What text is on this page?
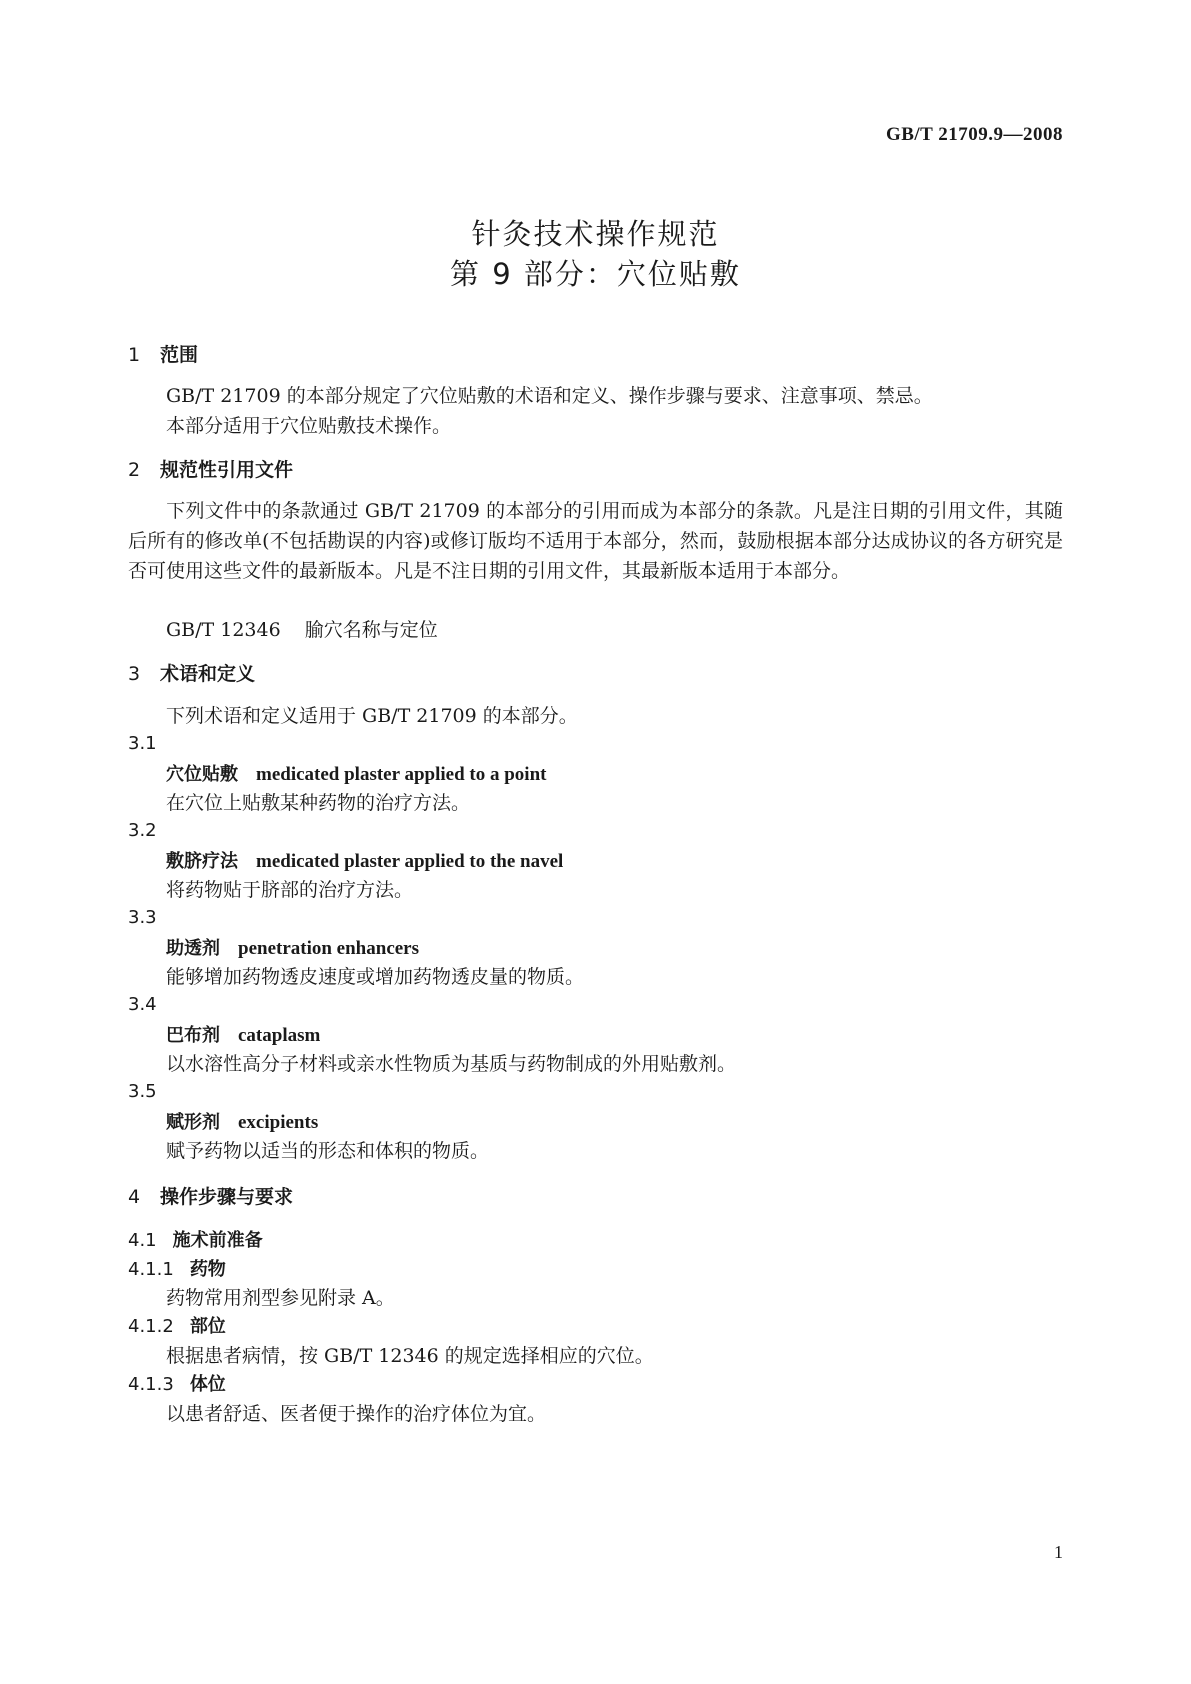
GB/T 21709.9—2008
针灸技术操作规范
第 9 部分：穴位贴敷
1 范围
GB/T 21709 的本部分规定了穴位贴敷的术语和定义、操作步骤与要求、注意事项、禁忌。
本部分适用于穴位贴敷技术操作。
2 规范性引用文件
下列文件中的条款通过 GB/T 21709 的本部分的引用而成为本部分的条款。凡是注日期的引用文件，其随后所有的修改单(不包括勘误的内容)或修订版均不适用于本部分，然而，鼓励根据本部分达成协议的各方研究是否可使用这些文件的最新版本。凡是不注日期的引用文件，其最新版本适用于本部分。
GB/T 12346 腧穴名称与定位
3 术语和定义
下列术语和定义适用于 GB/T 21709 的本部分。
3.1
穴位贴敷 medicated plaster applied to a point
在穴位上贴敷某种药物的治疗方法。
3.2
敷脐疗法 medicated plaster applied to the navel
将药物贴于脐部的治疗方法。
3.3
助透剂 penetration enhancers
能够增加药物透皮速度或增加药物透皮量的物质。
3.4
巴布剂 cataplasm
以水溶性高分子材料或亲水性物质为基质与药物制成的外用贴敷剂。
3.5
赋形剂 excipients
赋予药物以适当的形态和体积的物质。
4 操作步骤与要求
4.1 施术前准备
4.1.1 药物
药物常用剂型参见附录 A。
4.1.2 部位
根据患者病情，按 GB/T 12346 的规定选择相应的穴位。
4.1.3 体位
以患者舒适、医者便于操作的治疗体位为宜。
1
